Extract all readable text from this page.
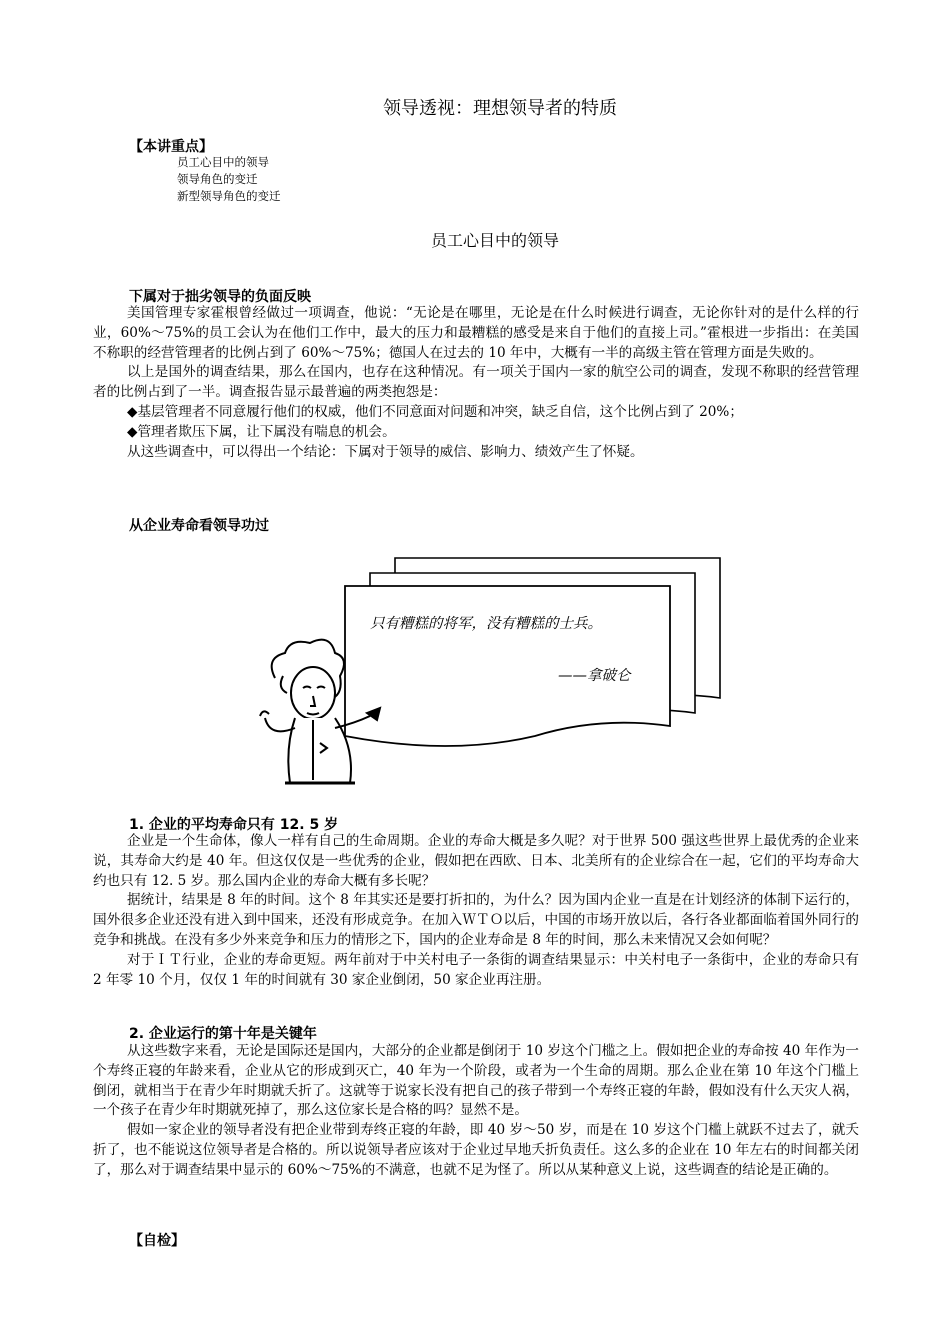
领导透视：理想领导者的特质
【本讲重点】
员工心目中的领导
领导角色的变迁
新型领导角色的变迁
员工心目中的领导
下属对于拙劣领导的负面反映

美国管理专家霍根曾经做过一项调查，他说：“无论是在哪里，无论是在什么时候进行调查，无论你针对的是什么样的行业，60%～75%的员工会认为在他们工作中，最大的压力和最糟糕的感受是来自于他们的直接上司。”霍根进一步指出：在美国不称职的经营管理者的比例占到了 60%～75%；德国人在过去的 10 年中，大概有一半的高级主管在管理方面是失败的。

以上是国外的调查结果，那么在国内，也存在这种情况。有一项关于国内一家的航空公司的调查，发现不称职的经营管理者的比例占到了一半。调查报告显示最普遍的两类抱怨是：

◆基层管理者不同意履行他们的权威，他们不同意面对问题和冲突，缺乏自信，这个比例占到了 20%；

◆管理者欺压下属，让下属没有喘息的机会。

从这些调查中，可以得出一个结论：下属对于领导的威信、影响力、绩效产生了怀疑。

从企业寿命看领导功过
只有糟糕的将军，没有糟糕的士兵。
——拿破仑
1. 企业的平均寿命只有 12. 5 岁

企业是一个生命体，像人一样有自己的生命周期。企业的寿命大概是多久呢？对于世界 500 强这些世界上最优秀的企业来说，其寿命大约是 40 年。但这仅仅是一些优秀的企业，假如把在西欧、日本、北美所有的企业综合在一起，它们的平均寿命大约也只有 12. 5 岁。那么国内企业的寿命大概有多长呢？

据统计，结果是 8 年的时间。这个 8 年其实还是要打折扣的，为什么？因为国内企业一直是在计划经济的体制下运行的，国外很多企业还没有进入到中国来，还没有形成竞争。在加入ＷＴＯ以后，中国的市场开放以后，各行各业都面临着国外同行的竞争和挑战。在没有多少外来竞争和压力的情形之下，国内的企业寿命是 8 年的时间，那么未来情况又会如何呢？

对于ＩＴ行业，企业的寿命更短。两年前对于中关村电子一条街的调查结果显示：中关村电子一条街中，企业的寿命只有 2 年零 10 个月，仅仅 1 年的时间就有 30 家企业倒闭，50 家企业再注册。

2. 企业运行的第十年是关键年

从这些数字来看，无论是国际还是国内，大部分的企业都是倒闭于 10 岁这个门槛之上。假如把企业的寿命按 40 年作为一个寿终正寝的年龄来看，企业从它的形成到灭亡，40 年为一个阶段，或者为一个生命的周期。那么企业在第 10 年这个门槛上倒闭，就相当于在青少年时期就夭折了。这就等于说家长没有把自己的孩子带到一个寿终正寝的年龄，假如没有什么天灾人祸，一个孩子在青少年时期就死掉了，那么这位家长是合格的吗？显然不是。

假如一家企业的领导者没有把企业带到寿终正寝的年龄，即 40 岁～50 岁，而是在 10 岁这个门槛上就跃不过去了，就夭折了，也不能说这位领导者是合格的。所以说领导者应该对于企业过早地夭折负责任。这么多的企业在 10 年左右的时间都关闭了，那么对于调查结果中显示的 60%～75%的不满意，也就不足为怪了。所以从某种意义上说，这些调查的结论是正确的。

【自检】
